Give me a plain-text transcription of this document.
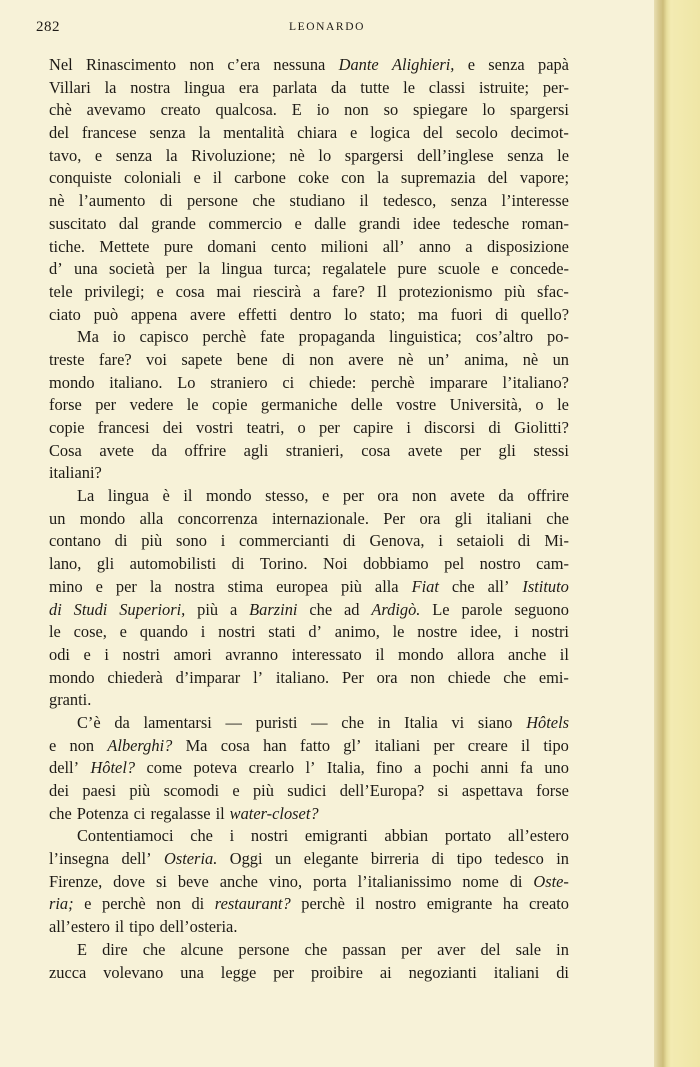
282	LEONARDO
Nel Rinascimento non c’era nessuna Dante Alighieri, e senza papà
Villari la nostra lingua era parlata da tutte le classi istruite; per-
chè avevamo creato qualcosa. E io non so spiegare lo spargersi
del francese senza la mentalità chiara e logica del secolo decimot-
tavo, e senza la Rivoluzione; nè lo spargersi dell’inglese senza le
conquiste coloniali e il carbone coke con la supremazia del vapore;
nè l’aumento di persone che studiano il tedesco, senza l’interesse
suscitato dal grande commercio e dalle grandi idee tedesche roman-
tiche. Mettete pure domani cento milioni all’ anno a disposizione
d’ una società per la lingua turca; regalatele pure scuole e concede-
tele privilegi; e cosa mai riescirà a fare? Il protezionismo più sfac-
ciato può appena avere effetti dentro lo stato; ma fuori di quello?
Ma io capisco perchè fate propaganda linguistica; cos’altro po-
treste fare? voi sapete bene di non avere nè un’ anima, nè un
mondo italiano. Lo straniero ci chiede: perchè imparare l’italiano?
forse per vedere le copie germaniche delle vostre Università, o le
copie francesi dei vostri teatri, o per capire i discorsi di Giolitti?
Cosa avete da offrire agli stranieri, cosa avete per gli stessi
italiani?
La lingua è il mondo stesso, e per ora non avete da offrire
un mondo alla concorrenza internazionale. Per ora gli italiani che
contano di più sono i commercianti di Genova, i setaioli di Mi-
lano, gli automobilisti di Torino. Noi dobbiamo pel nostro cam-
mino e per la nostra stima europea più alla Fiat che all’ Istituto
di Studi Superiori, più a Barzini che ad Ardigò. Le parole seguono
le cose, e quando i nostri stati d’ animo, le nostre idee, i nostri
odi e i nostri amori avranno interessato il mondo allora anche il
mondo chiederà d’imparar l’ italiano. Per ora non chiede che emi-
granti.
C’è da lamentarsi — puristi — che in Italia vi siano Hôtels
e non Alberghi? Ma cosa han fatto gl’ italiani per creare il tipo
dell’ Hôtel? come poteva crearlo l’ Italia, fino a pochi anni fa uno
dei paesi più scomodi e più sudici dell’Europa? si aspettava forse
che Potenza ci regalasse il water-closet?
Contentiamoci che i nostri emigranti abbian portato all’estero
l’insegna dell’ Osteria. Oggi un elegante birreria di tipo tedesco in
Firenze, dove si beve anche vino, porta l’italianissimo nome di Oste-
ria; e perchè non di restaurant? perchè il nostro emigrante ha creato
all’estero il tipo dell’osteria.
E dire che alcune persone che passan per aver del sale in
zucca volevano una legge per proibire ai negozianti italiani di
